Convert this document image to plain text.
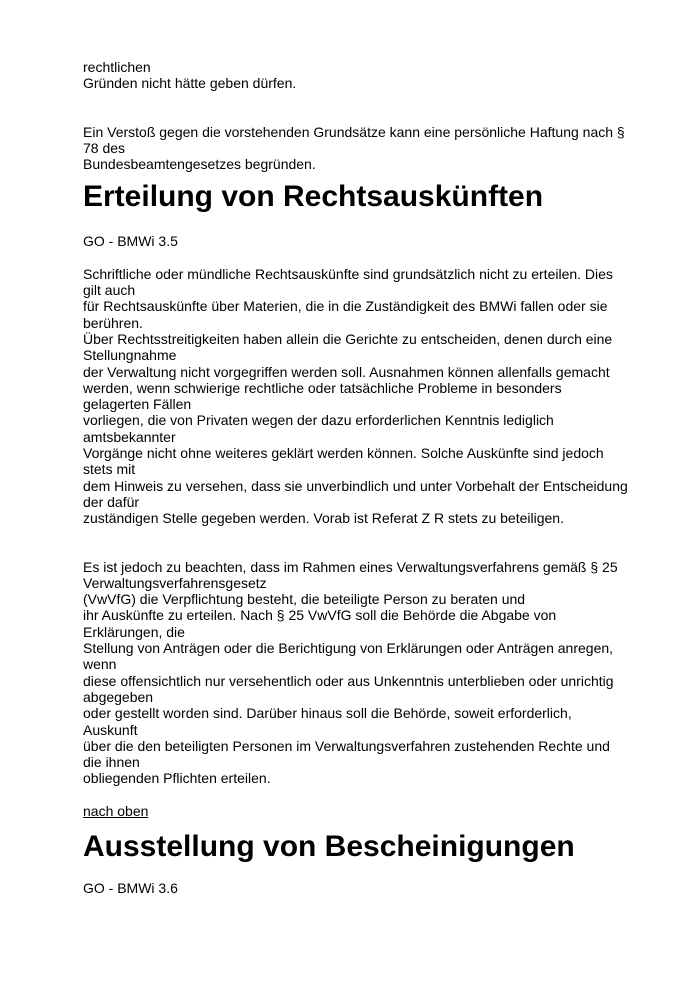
rechtlichen
Gründen nicht hätte geben dürfen.
Ein Verstoß gegen die vorstehenden Grundsätze kann eine persönliche Haftung nach §
78 des
Bundesbeamtengesetzes begründen.
Erteilung von Rechtsauskünften
GO - BMWi 3.5
Schriftliche oder mündliche Rechtsauskünfte sind grundsätzlich nicht zu erteilen. Dies
gilt auch
für Rechtsauskünfte über Materien, die in die Zuständigkeit des BMWi fallen oder sie
berühren.
Über Rechtsstreitigkeiten haben allein die Gerichte zu entscheiden, denen durch eine
Stellungnahme
der Verwaltung nicht vorgegriffen werden soll. Ausnahmen können allenfalls gemacht
werden, wenn schwierige rechtliche oder tatsächliche Probleme in besonders
gelagerten Fällen
vorliegen, die von Privaten wegen der dazu erforderlichen Kenntnis lediglich
amtsbekannter
Vorgänge nicht ohne weiteres geklärt werden können. Solche Auskünfte sind jedoch
stets mit
dem Hinweis zu versehen, dass sie unverbindlich und unter Vorbehalt der Entscheidung
der dafür
zuständigen Stelle gegeben werden. Vorab ist Referat Z R stets zu beteiligen.
Es ist jedoch zu beachten, dass im Rahmen eines Verwaltungsverfahrens gemäß § 25
Verwaltungsverfahrensgesetz
(VwVfG) die Verpflichtung besteht, die beteiligte Person zu beraten und
ihr Auskünfte zu erteilen. Nach § 25 VwVfG soll die Behörde die Abgabe von
Erklärungen, die
Stellung von Anträgen oder die Berichtigung von Erklärungen oder Anträgen anregen,
wenn
diese offensichtlich nur versehentlich oder aus Unkenntnis unterblieben oder unrichtig
abgegeben
oder gestellt worden sind. Darüber hinaus soll die Behörde, soweit erforderlich,
Auskunft
über die den beteiligten Personen im Verwaltungsverfahren zustehenden Rechte und
die ihnen
obliegenden Pflichten erteilen.
nach oben
Ausstellung von Bescheinigungen
GO - BMWi 3.6
